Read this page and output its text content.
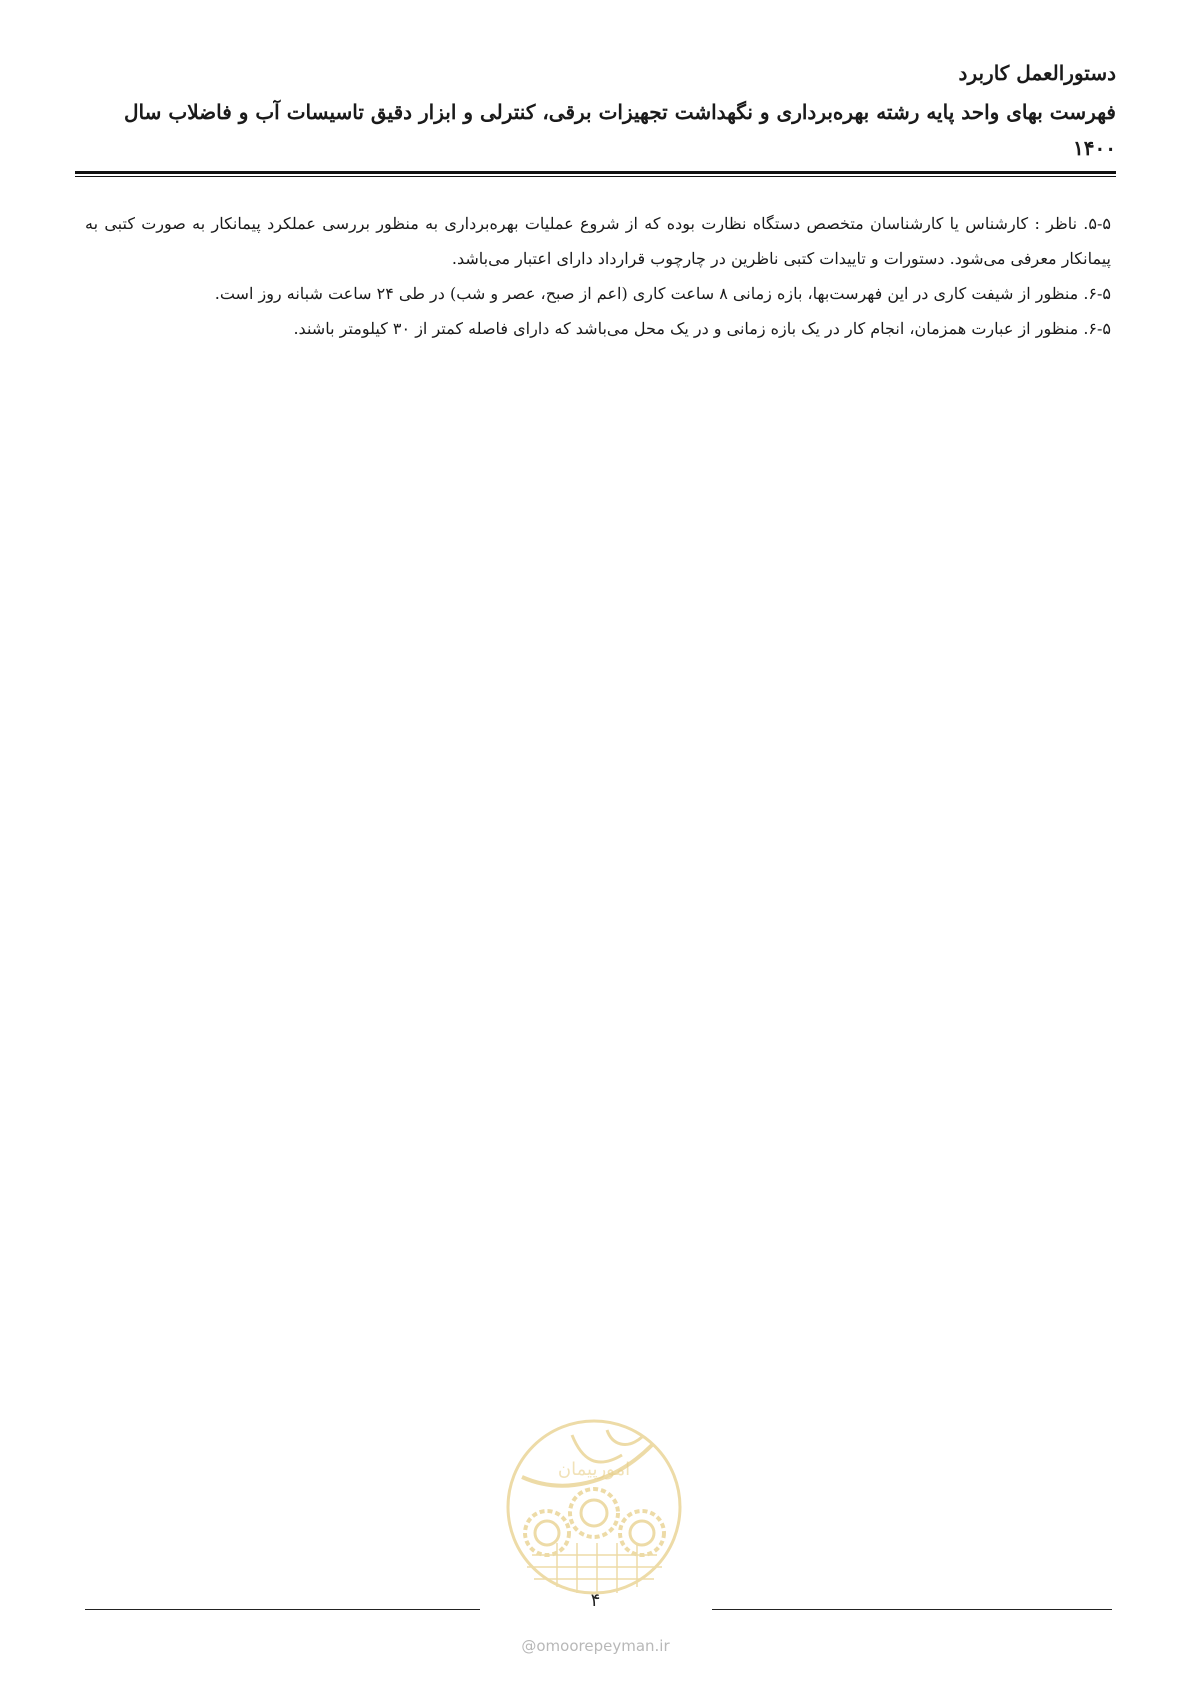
دستورالعمل کاربرد
فهرست بهای واحد پایه رشته بهره‌برداری و نگهداشت تجهیزات برقی، کنترلی و ابزار دقیق تاسیسات آب و فاضلاب سال ۱۴۰۰

۵-۵. ناظر : کارشناس یا کارشناسان متخصص دستگاه نظارت بوده که از شروع عملیات بهره‌برداری به منظور بررسی عملکرد پیمانکار به صورت کتبی به پیمانکار معرفی می‌شود. دستورات و تاییدات کتبی ناظرین در چارچوب قرارداد دارای اعتبار می‌باشد.

۶-۵. منظور از شیفت کاری در این فهرست‌بها، بازه زمانی ۸ ساعت کاری (اعم از صبح، عصر و شب) در طی ۲۴ ساعت شبانه روز است.

۶-۵. منظور از عبارت همزمان، انجام کار در یک بازه زمانی و در یک محل می‌باشد که دارای فاصله کمتر از ۳۰ کیلومتر باشند.

امورپیمان
۴
@omoorepeyman.ir
